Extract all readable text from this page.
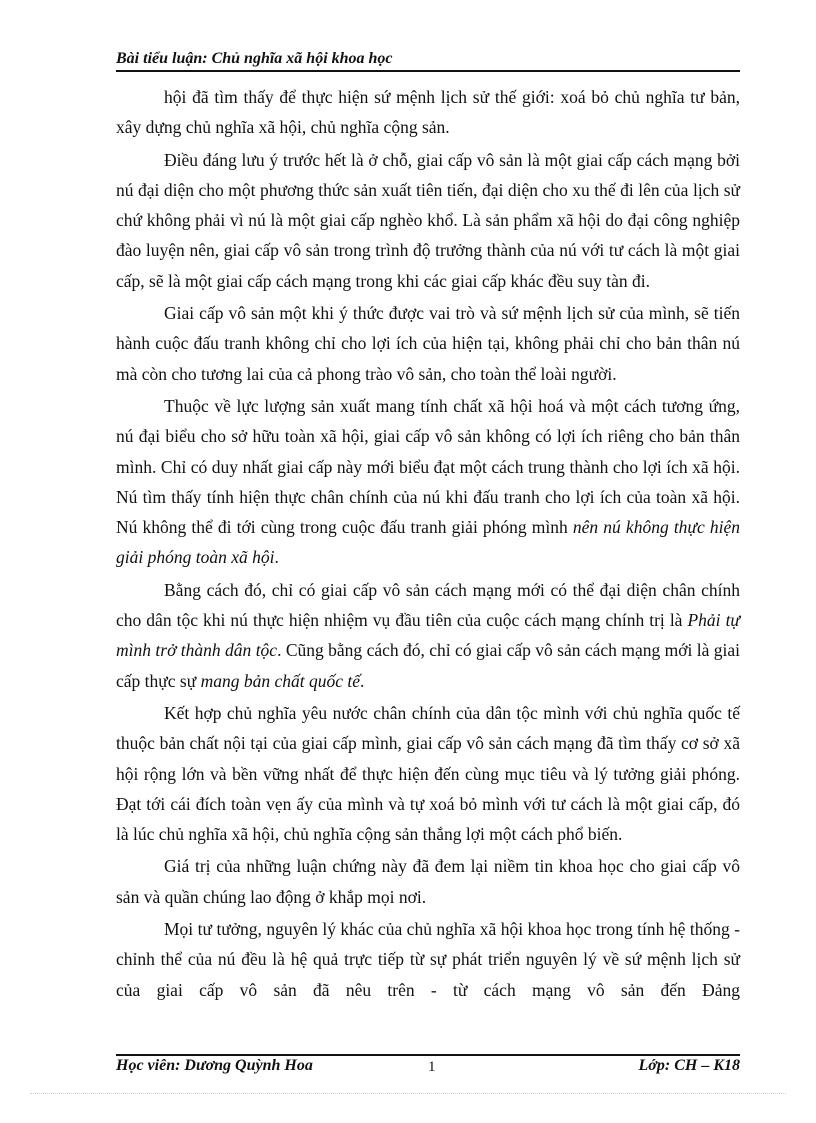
Bài tiểu luận: Chủ nghĩa xã hội khoa học

hội đã tìm thấy để thực hiện sứ mệnh lịch sử thế giới: xoá bỏ chủ nghĩa tư bản, xây dựng chủ nghĩa xã hội, chủ nghĩa cộng sản.

Điều đáng lưu ý trước hết là ở chỗ, giai cấp vô sản là một giai cấp cách mạng bởi nú đại diện cho một phương thức sản xuất tiên tiến, đại diện cho xu thế đi lên của lịch sử chứ không phải vì nú là một giai cấp nghèo khổ. Là sản phẩm xã hội do đại công nghiệp đào luyện nên, giai cấp vô sản trong trình độ trưởng thành của nú với tư cách là một giai cấp, sẽ là một giai cấp cách mạng trong khi các giai cấp khác đều suy tàn đi.

Giai cấp vô sản một khi ý thức được vai trò và sứ mệnh lịch sử của mình, sẽ tiến hành cuộc đấu tranh không chỉ cho lợi ích của hiện tại, không phải chỉ cho bản thân nú mà còn cho tương lai của cả phong trào vô sản, cho toàn thể loài người.

Thuộc về lực lượng sản xuất mang tính chất xã hội hoá và một cách tương ứng, nú đại biểu cho sở hữu toàn xã hội, giai cấp vô sản không có lợi ích riêng cho bản thân mình. Chỉ có duy nhất giai cấp này mới biểu đạt một cách trung thành cho lợi ích xã hội. Nú tìm thấy tính hiện thực chân chính của nú khi đấu tranh cho lợi ích của toàn xã hội. Nú không thể đi tới cùng trong cuộc đấu tranh giải phóng mình nên nú không thực hiện giải phóng toàn xã hội.

Bằng cách đó, chỉ có giai cấp vô sản cách mạng mới có thể đại diện chân chính cho dân tộc khi nú thực hiện nhiệm vụ đầu tiên của cuộc cách mạng chính trị là Phải tự mình trở thành dân tộc. Cũng bằng cách đó, chỉ có giai cấp vô sản cách mạng mới là giai cấp thực sự mang bản chất quốc tế.

Kết hợp chủ nghĩa yêu nước chân chính của dân tộc mình với chủ nghĩa quốc tế thuộc bản chất nội tại của giai cấp mình, giai cấp vô sản cách mạng đã tìm thấy cơ sở xã hội rộng lớn và bền vững nhất để thực hiện đến cùng mục tiêu và lý tưởng giải phóng. Đạt tới cái đích toàn vẹn ấy của mình và tự xoá bỏ mình với tư cách là một giai cấp, đó là lúc chủ nghĩa xã hội, chủ nghĩa cộng sản thắng lợi một cách phổ biến.

Giá trị của những luận chứng này đã đem lại niềm tin khoa học cho giai cấp vô sản và quần chúng lao động ở khắp mọi nơi.

Mọi tư tưởng, nguyên lý khác của chủ nghĩa xã hội khoa học trong tính hệ thống - chỉnh thể của nú đều là hệ quả trực tiếp từ sự phát triển nguyên lý về sứ mệnh lịch sử của giai cấp vô sản đã nêu trên - từ cách mạng vô sản đến Đảng

Học viên: Dương Quỳnh Hoa	1	Lớp: CH – K18
